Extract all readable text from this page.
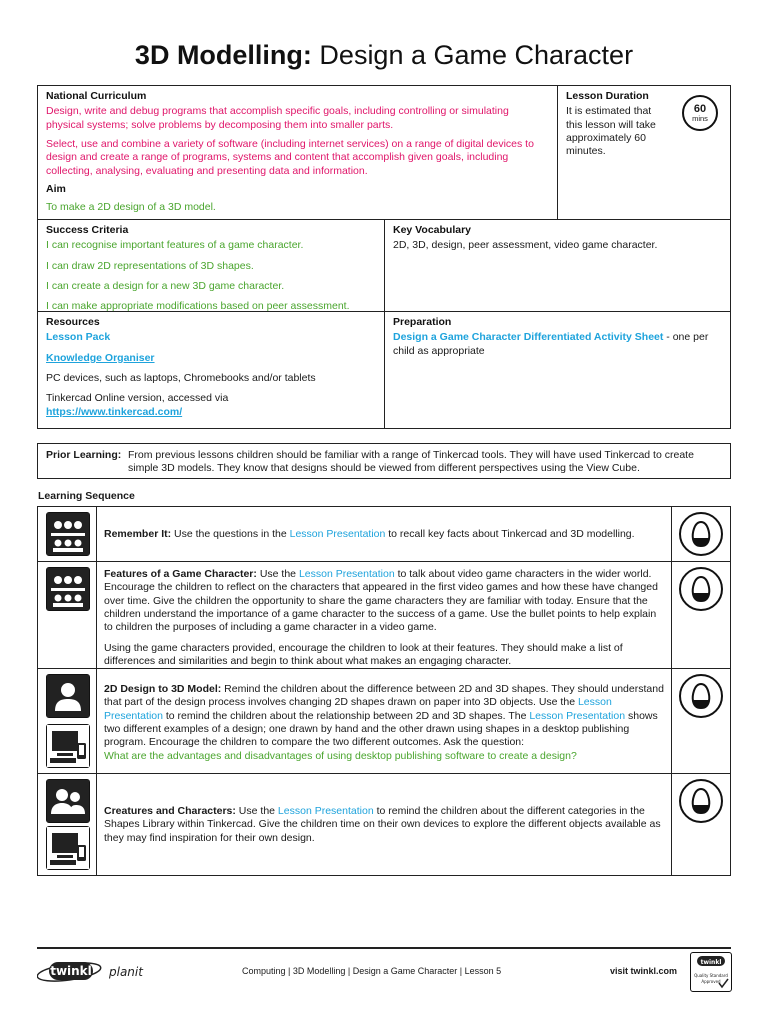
3D Modelling: Design a Game Character
National Curriculum
Design, write and debug programs that accomplish specific goals, including controlling or simulating physical systems; solve problems by decomposing them into smaller parts.
Select, use and combine a variety of software (including internet services) on a range of digital devices to design and create a range of programs, systems and content that accomplish given goals, including collecting, analysing, evaluating and presenting data and information.
Aim
To make a 2D design of a 3D model.
Lesson Duration
It is estimated that this lesson will take approximately 60 minutes.
60
mins
Success Criteria
I can recognise important features of a game character.
I can draw 2D representations of 3D shapes.
I can create a design for a new 3D game character.
I can make appropriate modifications based on peer assessment.
Key Vocabulary
2D, 3D, design, peer assessment, video game character.
Resources
Lesson Pack
Knowledge Organiser
PC devices, such as laptops, Chromebooks and/or tablets
Tinkercad Online version, accessed via
https://www.tinkercad.com/
Preparation
Design a Game Character Differentiated Activity Sheet - one per child as appropriate
Prior Learning: From previous lessons children should be familiar with a range of Tinkercad tools. They will have used Tinkercad to create simple 3D models. They know that designs should be viewed from different perspectives using the View Cube.
Learning Sequence
Remember It: Use the questions in the Lesson Presentation to recall key facts about Tinkercad and 3D modelling.
Features of a Game Character: Use the Lesson Presentation to talk about video game characters in the wider world. Encourage the children to reflect on the characters that appeared in the first video games and how these have changed over time. Give the children the opportunity to share the game characters they are familiar with today. Ensure that the children understand the importance of a game character to the success of a game. Use the bullet points to help explain to children the purposes of including a game character in a video game.

Using the game characters provided, encourage the children to look at their features. They should make a list of differences and similarities and begin to think about what makes an engaging character.

2D Design to 3D Model: Remind the children about the difference between 2D and 3D shapes. They should understand that part of the design process involves changing 2D shapes drawn on paper into 3D objects. Use the Lesson Presentation to remind the children about the relationship between 2D and 3D shapes. The Lesson Presentation shows two different examples of a design; one drawn by hand and the other drawn using shapes in a desktop publishing program. Encourage the children to compare the two different outcomes. Ask the question:
What are the advantages and disadvantages of using desktop publishing software to create a design?
Creatures and Characters: Use the Lesson Presentation to remind the children about the different categories in the Shapes Library within Tinkercad. Give the children time on their own devices to explore the different objects available as they may find inspiration for their own design.
twinkl planit	Computing | 3D Modelling | Design a Game Character | Lesson 5	visit twinkl.com
twinkl
Quality Standard
Approved
